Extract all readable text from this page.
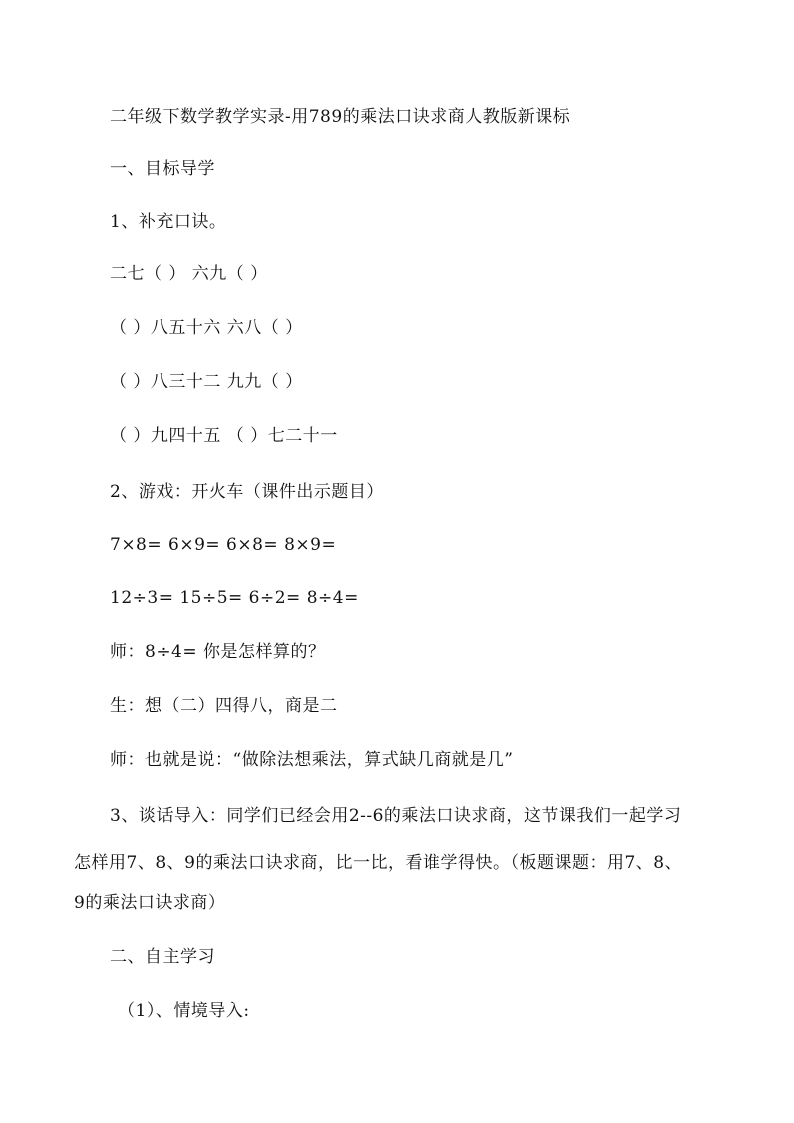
二年级下数学教学实录-用789的乘法口诀求商人教版新课标
一、目标导学
1、补充口诀。
二七（ ） 六九（ ）
（ ）八五十六 六八（ ）
（ ）八三十二 九九（ ）
（ ）九四十五 （ ）七二十一
2、游戏：开火车（课件出示题目）
7×8= 6×9= 6×8= 8×9=
12÷3= 15÷5= 6÷2= 8÷4=
师：8÷4= 你是怎样算的？
生：想（二）四得八，商是二
师：也就是说：“做除法想乘法，算式缺几商就是几”
3、谈话导入：同学们已经会用2--6的乘法口诀求商，这节课我们一起学习
怎样用7、8、9的乘法口诀求商，比一比，看谁学得快。（板题课题：用7、8、
9的乘法口诀求商）
二、自主学习
（1）、情境导入:
